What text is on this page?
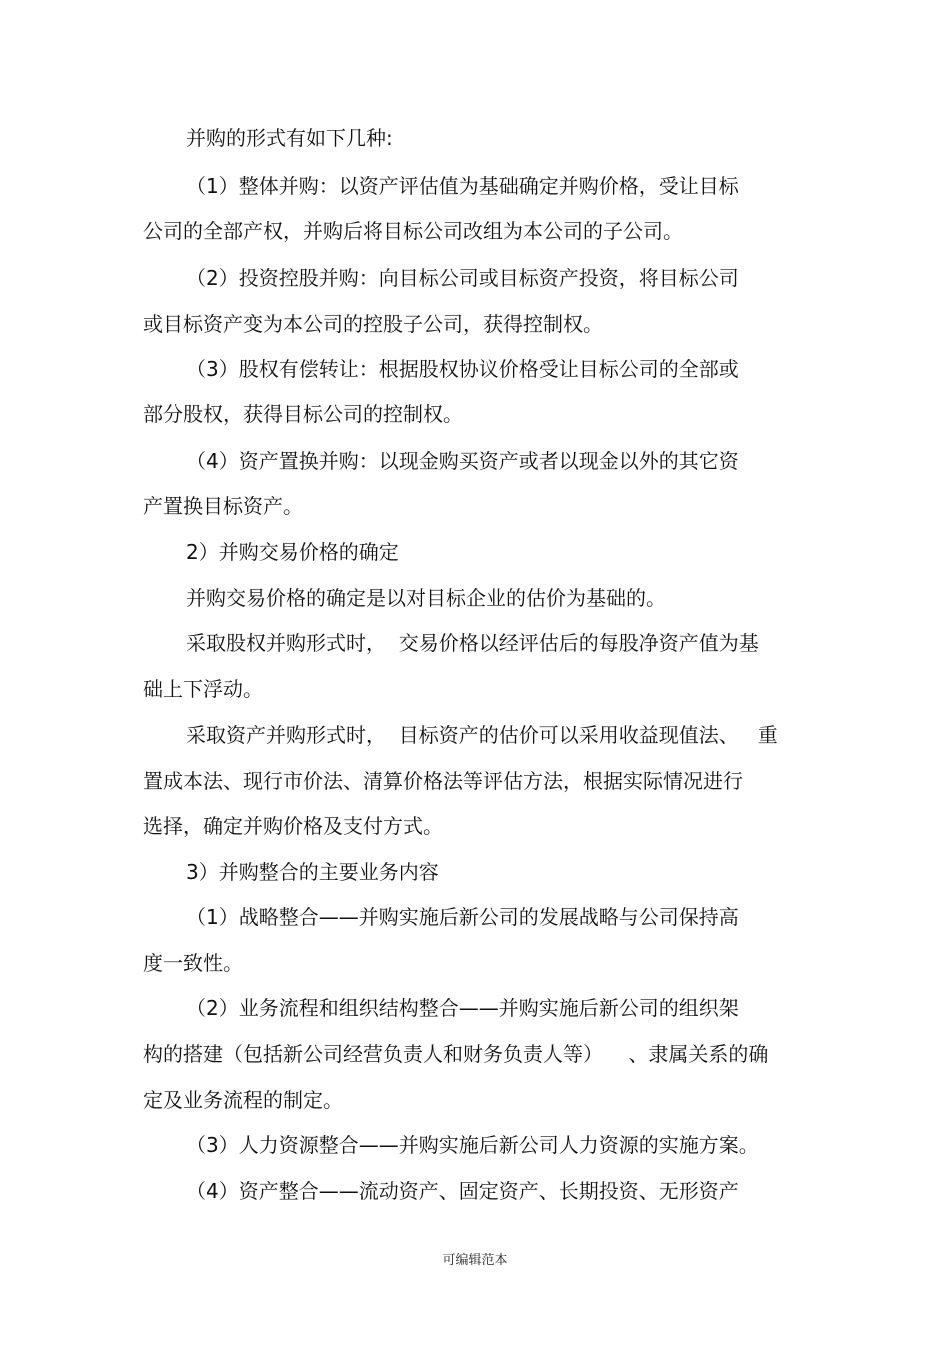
并购的形式有如下几种:
（1）整体并购：以资产评估值为基础确定并购价格，受让目标
公司的全部产权，并购后将目标公司改组为本公司的子公司。
（2）投资控股并购：向目标公司或目标资产投资，将目标公司
或目标资产变为本公司的控股子公司，获得控制权。
（3）股权有偿转让：根据股权协议价格受让目标公司的全部或
部分股权，获得目标公司的控制权。
（4）资产置换并购：以现金购买资产或者以现金以外的其它资
产置换目标资产。
2）并购交易价格的确定
并购交易价格的确定是以对目标企业的估价为基础的。
采取股权并购形式时，  交易价格以经评估后的每股净资产值为基
础上下浮动。
采取资产并购形式时，  目标资产的估价可以采用收益现值法、   重
置成本法、现行市价法、清算价格法等评估方法，根据实际情况进行
选择，确定并购价格及支付方式。
3）并购整合的主要业务内容
（1）战略整合——并购实施后新公司的发展战略与公司保持高
度一致性。
（2）业务流程和组织结构整合——并购实施后新公司的组织架
构的搭建（包括新公司经营负责人和财务负责人等）    、隶属关系的确
定及业务流程的制定。
（3）人力资源整合——并购实施后新公司人力资源的实施方案。
（4）资产整合——流动资产、固定资产、长期投资、无形资产
可编辑范本
